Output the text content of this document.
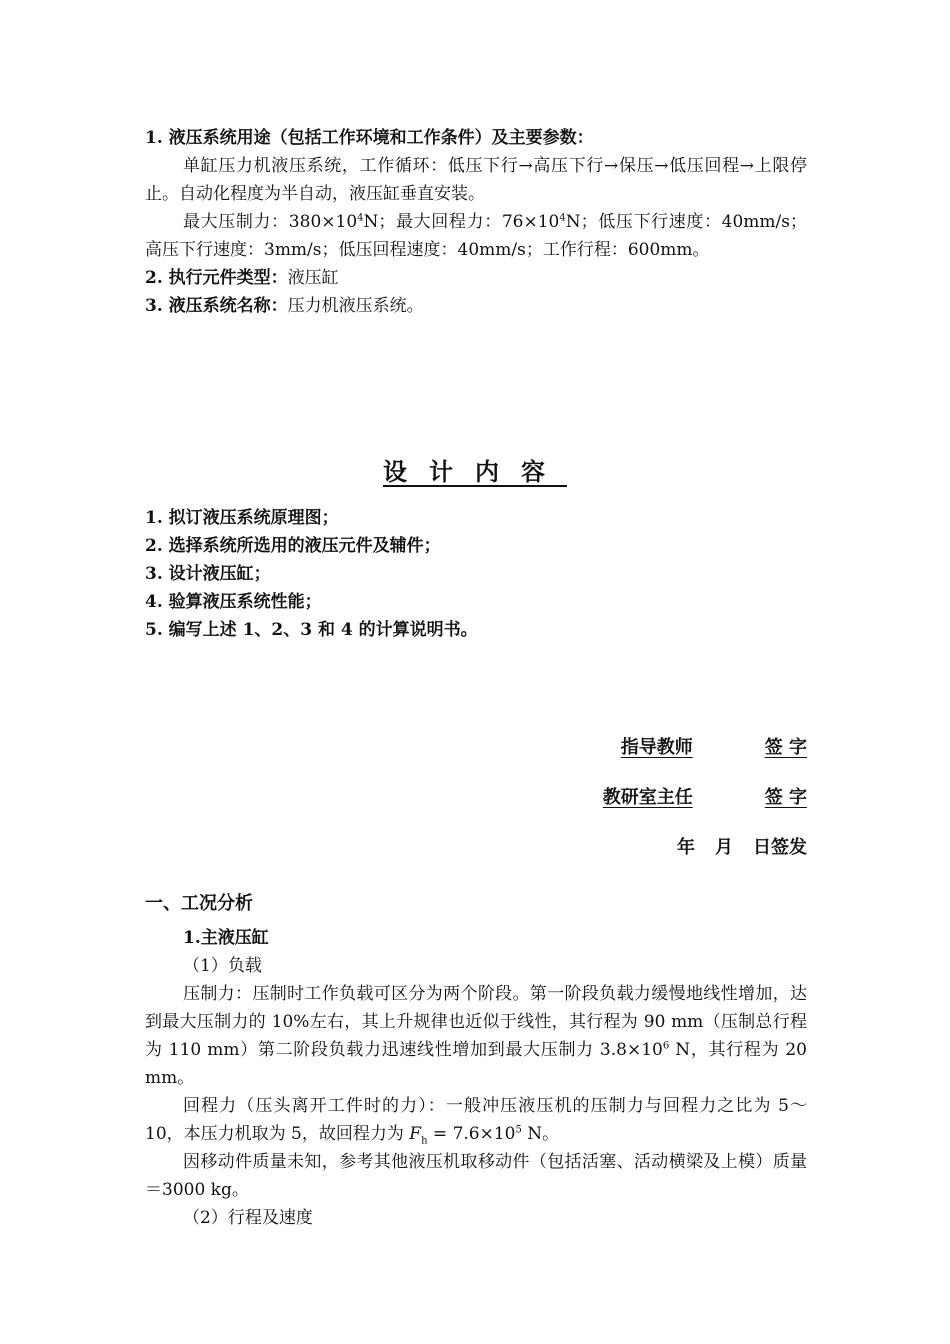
1. 液压系统用途（包括工作环境和工作条件）及主要参数：
单缸压力机液压系统，工作循环：低压下行→高压下行→保压→低压回程→上限停止。自动化程度为半自动，液压缸垂直安装。
最大压制力：$380\times 10^4N$；最大回程力：$76\times 10^4N$；低压下行速度：40mm/s；高压下行速度：3mm/s；低压回程速度：40mm/s；工作行程：600mm。
2. 执行元件类型：液压缸
3. 液压系统名称：压力机液压系统。
设计内容
1. 拟订液压系统原理图；
2. 选择系统所选用的液压元件及辅件；
3. 设计液压缸；
4. 验算液压系统性能；
5. 编写上述 1、2、3 和 4 的计算说明书。
指导教师	签 字
教研室主任	签 字
年 月 日签发
一、工况分析
1.主液压缸
（1）负载
压制力：压制时工作负载可区分为两个阶段。第一阶段负载力缓慢地线性增加，达到最大压制力的 10%左右，其上升规律也近似于线性，其行程为 90 mm（压制总行程为 110 mm）第二阶段负载力迅速线性增加到最大压制力 $3.8\times 10^6$ N，其行程为 20 mm。
回程力（压头离开工件时的力）：一般冲压液压机的压制力与回程力之比为 5～10，本压力机取为 5，故回程力为 $F_h = 7.6\times 10^5$ N。
因移动件质量未知，参考其他液压机取移动件（包括活塞、活动横梁及上模）质量＝3000 kg。
（2）行程及速度
